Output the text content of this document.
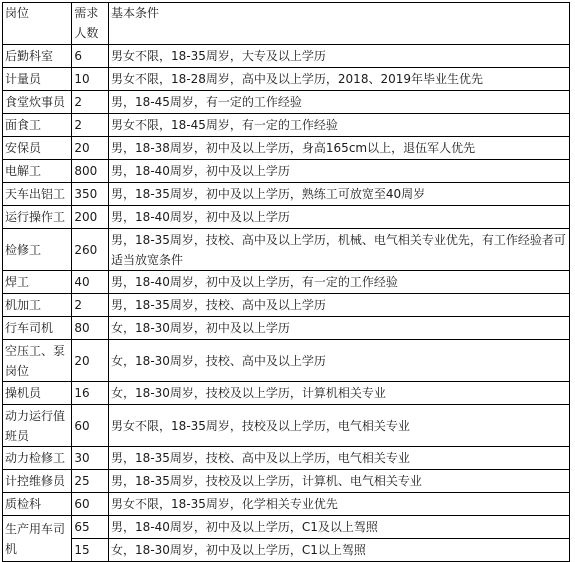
岗位	需求人数	基本条件
后勤科室	6	男女不限，18-35周岁，大专及以上学历
计量员	10	男女不限，18-28周岁，高中及以上学历，2018、2019年毕业生优先
食堂炊事员	2	男，18-45周岁，有一定的工作经验
面食工	2	男女不限，18-45周岁，有一定的工作经验
安保员	20	男，18-38周岁，初中及以上学历，身高165cm以上，退伍军人优先
电解工	800	男，18-40周岁，初中及以上学历
天车出铝工	350	男，18-35周岁，初中及以上学历，熟练工可放宽至40周岁
运行操作工	200	男，18-40周岁，初中及以上学历
检修工	260	男，18-35周岁，技校、高中及以上学历，机械、电气相关专业优先，有工作经验者可适当放宽条件
焊工	40	男，18-40周岁，初中及以上学历，有一定的工作经验
机加工	2	男，18-35周岁，技校、高中及以上学历
行车司机	80	女，18-30周岁，初中及以上学历
空压工、泵岗位	20	女，18-30周岁，技校、高中及以上学历
操机员	16	女，18-30周岁，技校及以上学历，计算机相关专业
动力运行值班员	60	男女不限，18-35周岁，技校及以上学历，电气相关专业
动力检修工	30	男，18-35周岁，技校、高中及以上学历，电气相关专业
计控维修员	25	男，18-35周岁，技校及以上学历，计算机、电气相关专业
质检科	60	男女不限，18-35周岁，化学相关专业优先
生产用车司机	65	男，18-40周岁，初中及以上学历，C1及以上驾照
	15	女，18-30周岁，初中及以上学历，C1以上驾照
